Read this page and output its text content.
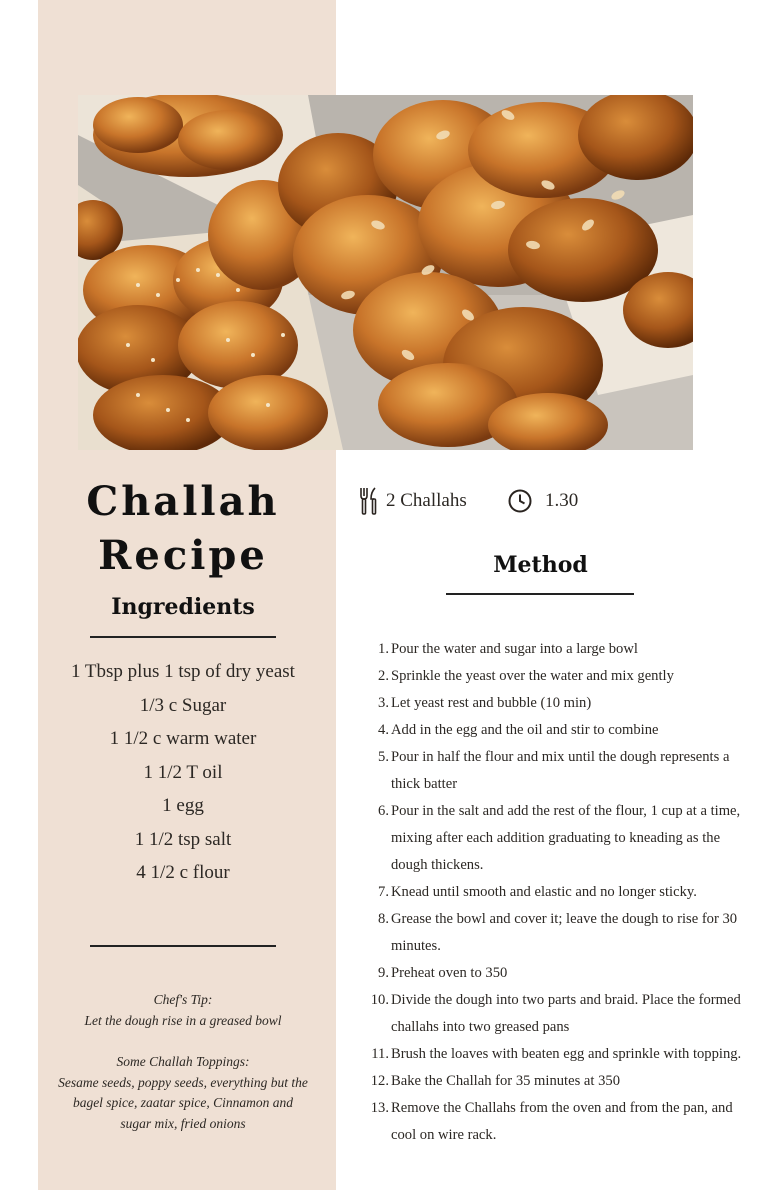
Challah
Recipe
Ingredients
1 Tbsp plus 1 tsp of dry yeast
1/3 c Sugar
1 1/2 c warm water
1 1/2 T oil
1 egg
1 1/2 tsp salt
4 1/2 c flour
Chef's Tip:
Let the dough rise in a greased bowl
Some Challah Toppings:
Sesame seeds, poppy seeds, everything but the bagel spice, zaatar spice, Cinnamon and sugar mix, fried onions
2 Challahs	1.30
Method
1. Pour the water and sugar into a large bowl
2. Sprinkle the yeast over the water and mix gently
3. Let yeast rest and bubble (10 min)
4. Add in the egg and the oil and stir to combine
5. Pour in half the flour and mix until the dough represents a thick batter
6. Pour in the salt and add the rest of the flour, 1 cup at a time, mixing after each addition graduating to kneading as the dough thickens.
7. Knead until smooth and elastic and no longer sticky.
8. Grease the bowl and cover it; leave the dough to rise for 30 minutes.
9. Preheat oven to 350
10. Divide the dough into two parts and braid. Place the formed challahs into two greased pans
11. Brush the loaves with beaten egg and sprinkle with topping.
12. Bake the Challah for 35 minutes at 350
13. Remove the Challahs from the oven and from the pan, and cool on wire rack.
